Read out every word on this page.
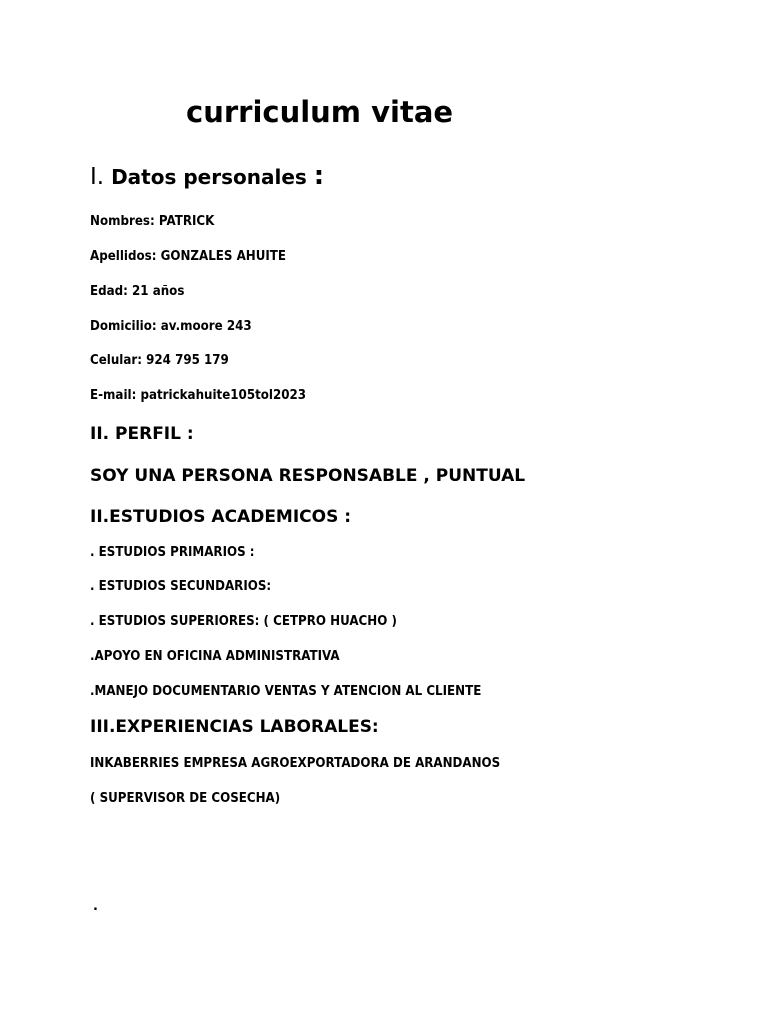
curriculum vitae
I. Datos personales :
Nombres: PATRICK
Apellidos: GONZALES AHUITE
Edad: 21 años
Domicilio: av.moore 243
Celular: 924 795 179
E-mail: patrickahuite105tol2023
II. PERFIL :
SOY UNA PERSONA RESPONSABLE , PUNTUAL
II.ESTUDIOS ACADEMICOS :
. ESTUDIOS PRIMARIOS :
. ESTUDIOS SECUNDARIOS:
. ESTUDIOS SUPERIORES: ( CETPRO HUACHO )
.APOYO EN OFICINA ADMINISTRATIVA
.MANEJO DOCUMENTARIO VENTAS Y ATENCION AL CLIENTE
III.EXPERIENCIAS LABORALES:
INKABERRIES EMPRESA AGROEXPORTADORA DE ARANDANOS
( SUPERVISOR DE COSECHA)
.
